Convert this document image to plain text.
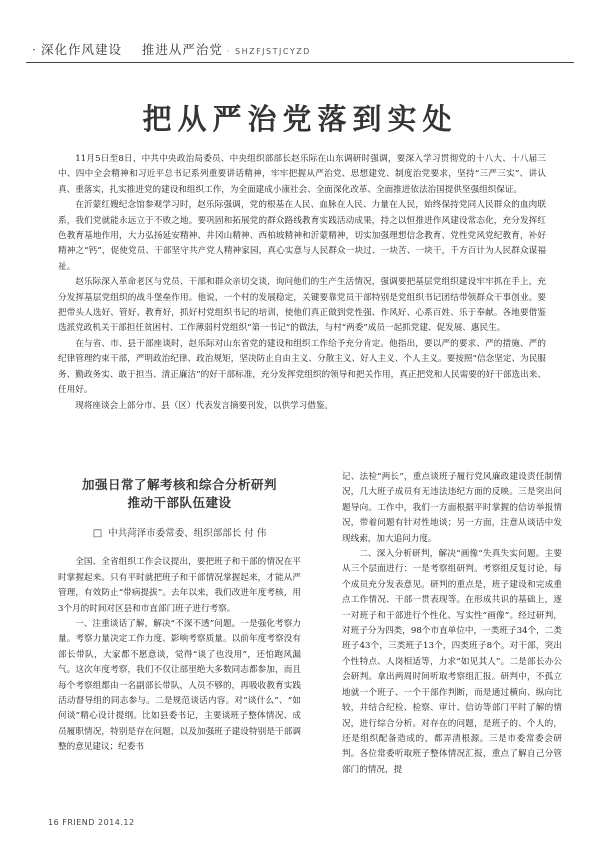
· 深化作风建设 推进从严治党 · SHZFJSTJCYZD
把从严治党落到实处

11月5日至8日，中共中央政治局委员、中央组织部部长赵乐际在山东调研时强调，要深入学习贯彻党的十八大、十八届三中、四中全会精神和习近平总书记系列重要讲话精神，牢牢把握从严治党、思想建党、制度治党要求，坚持“三严三实”、讲认真、重落实，扎实推进党的建设和组织工作，为全面建成小康社会、全面深化改革、全面推进依法治国提供坚强组织保证。

在沂蒙红嫂纪念馆参观学习时，赵乐际强调，党的根基在人民、血脉在人民、力量在人民，始终保持党同人民群众的血肉联系，我们党就能永远立于不败之地。要巩固和拓展党的群众路线教育实践活动成果，持之以恒推进作风建设常态化，充分发挥红色教育基地作用，大力弘扬延安精神、井冈山精神、西柏坡精神和沂蒙精神，切实加强理想信念教育、党性党风党纪教育，补好精神之“钙”，促使党员、干部坚守共产党人精神家园，真心实意与人民群众一块过、一块苦、一块干，千方百计为人民群众谋福祉。

赵乐际深入革命老区与党员、干部和群众亲切交谈，询问他们的生产生活情况，强调要把基层党组织建设牢牢抓在手上，充分发挥基层党组织的战斗堡垒作用。他说，一个村的发展稳定，关键要靠党员干部特别是党组织书记团结带领群众干事创业。要把带头人选好、管好、教育好，抓好村党组织书记的培训，使他们真正做到党性强、作风好、心系百姓、乐于奉献。各地要借鉴选派党政机关干部担任贫困村、工作薄弱村党组织“第一书记”的做法，与村“两委”成员一起抓党建、促发展、惠民生。

在与省、市、县干部座谈时，赵乐际对山东省党的建设和组织工作给予充分肯定。他指出，要以严的要求、严的措施、严的纪律管理约束干部，严明政治纪律、政治规矩，坚决防止自由主义、分散主义、好人主义、个人主义。要按照“信念坚定、为民服务、勤政务实、敢于担当、清正廉洁”的好干部标准，充分发挥党组织的领导和把关作用，真正把党和人民需要的好干部选出来、任用好。

现将座谈会上部分市、县（区）代表发言摘要刊发，以供学习借鉴。

加强日常了解考核和综合分析研判
推动干部队伍建设
□ 中共菏泽市委常委、组织部部长 付 伟

全国、全省组织工作会议提出，要把班子和干部的情况在平时掌握起来。只有平时就把班子和干部情况掌握起来，才能从严管理，有效防止“带病提拔”。去年以来，我们改进年度考核，用3个月的时间对区县和市直部门班子进行考察。

一、注重谈话了解，解决“不深不透”问题。一是强化考察力量。考察力量决定工作力度、影响考察质量。以前年度考察没有部长带队，大家都不愿意谈，觉得“谈了也没用”，还怕跑风漏气。这次年度考察，我们不仅让部里绝大多数同志都参加，而且每个考察组都由一名副部长带队，人员不够的，再吸收教育实践活动督导组的同志参与。二是规范谈话内容。对“谈什么”、“如何谈”精心设计提纲。比如县委书记，主要谈班子整体情况、成员履职情况，特别是存在问题，以及加强班子建设特别是干部调整的意见建议；纪委书

记、法检“两长”，重点谈班子履行党风廉政建设责任制情况，几大班子成员有无违法违纪方面的反映。三是突出问题导向。工作中，我们一方面根据平时掌握的信访举报情况，带着问题有针对性地谈；另一方面，注意从谈话中发现线索，加大追问力度。

二、深入分析研判，解决“画像”失真失实问题。主要从三个层面进行：一是考察组研判。考察组反复讨论，每个成员充分发表意见。研判的重点是，班子建设和完成重点工作情况、干部一贯表现等。在形成共识的基础上，逐一对班子和干部进行个性化、写实性“画像”。经过研判，对班子分为四类，98个市直单位中，一类班子34个，二类班子43个，三类班子13个，四类班子8个。对干部，突出个性特点、人岗相适等，力求“如见其人”。二是部长办公会研判。拿出两周时间听取考察组汇报。研判中，不孤立地就一个班子、一个干部作判断，而是通过横向、纵向比较，并结合纪检、检察、审计、信访等部门平时了解的情况，进行综合分析。对存在的问题，是班子的、个人的，还是组织配备造成的，都弄清根源。三是市委常委会研判。各位常委听取班子整体情况汇报，重点了解自己分管部门的情况，提

16 FRIEND 2014.12
